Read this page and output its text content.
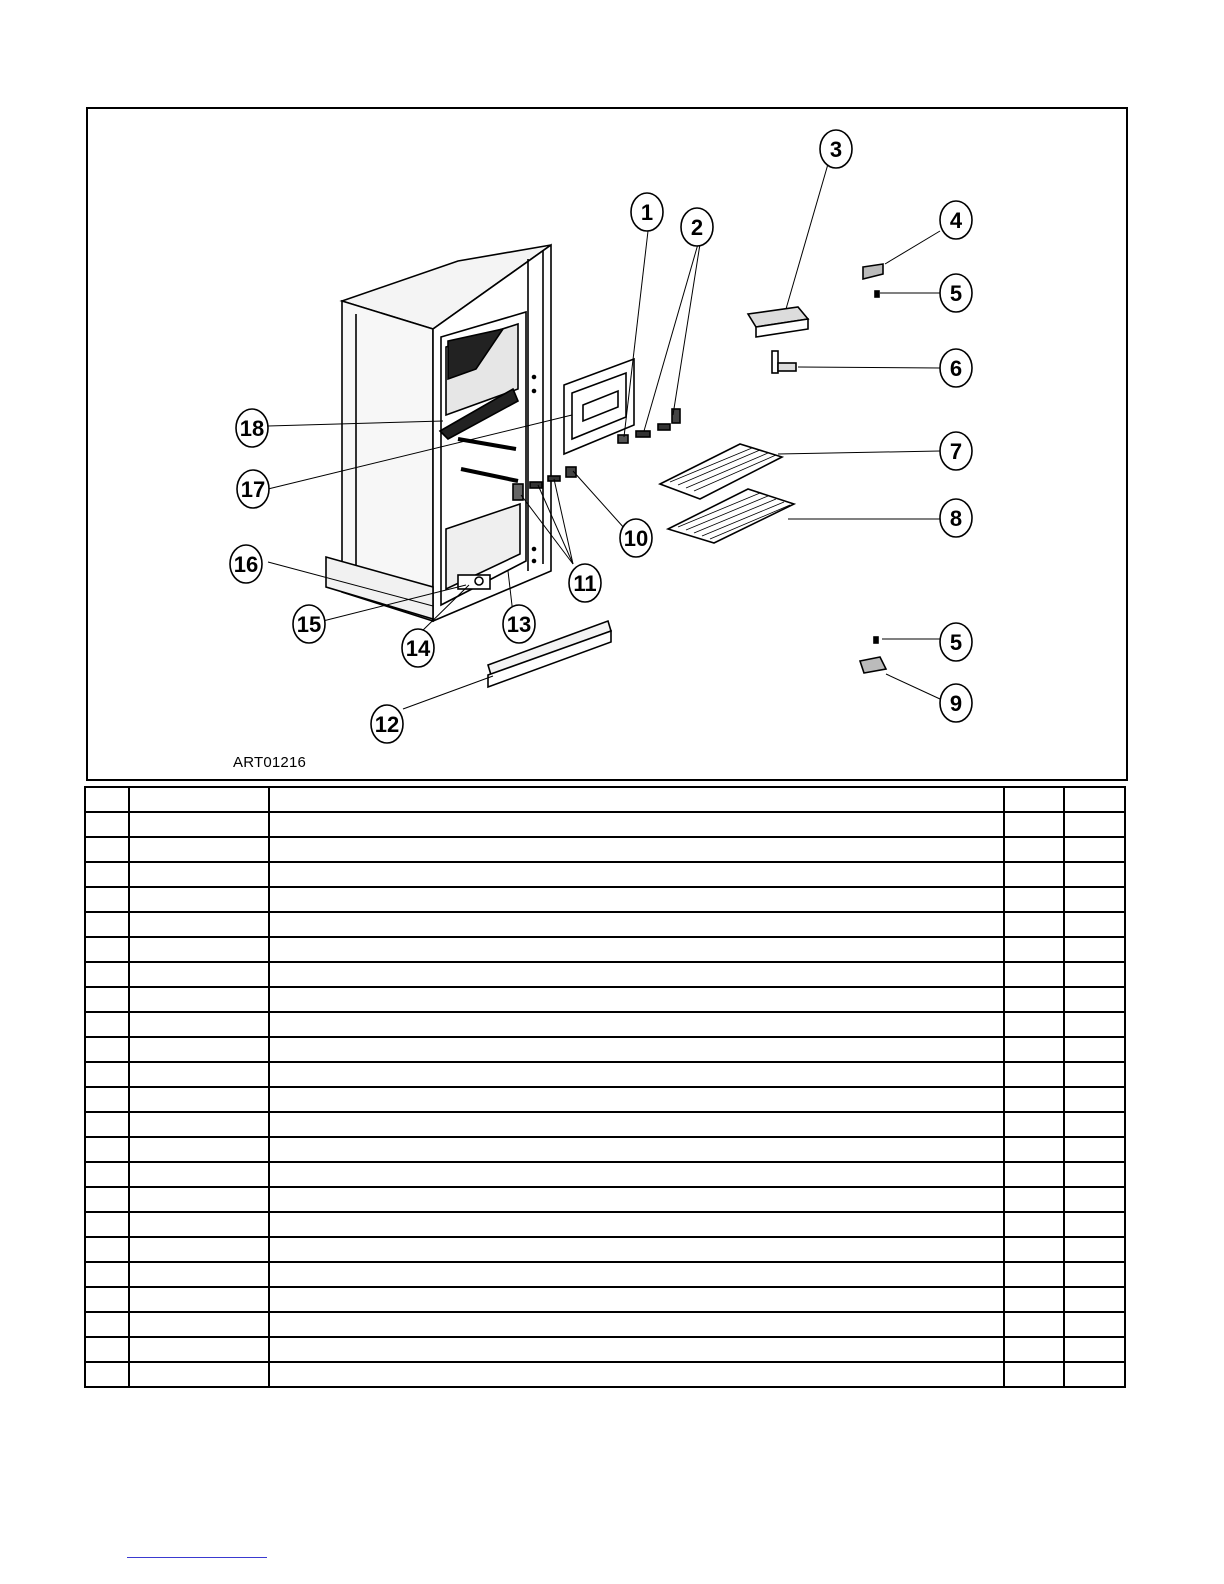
1
2
3
4
5
5
6
7
8
9
10
11
12
13
14
15
16
17
18
ART01216
